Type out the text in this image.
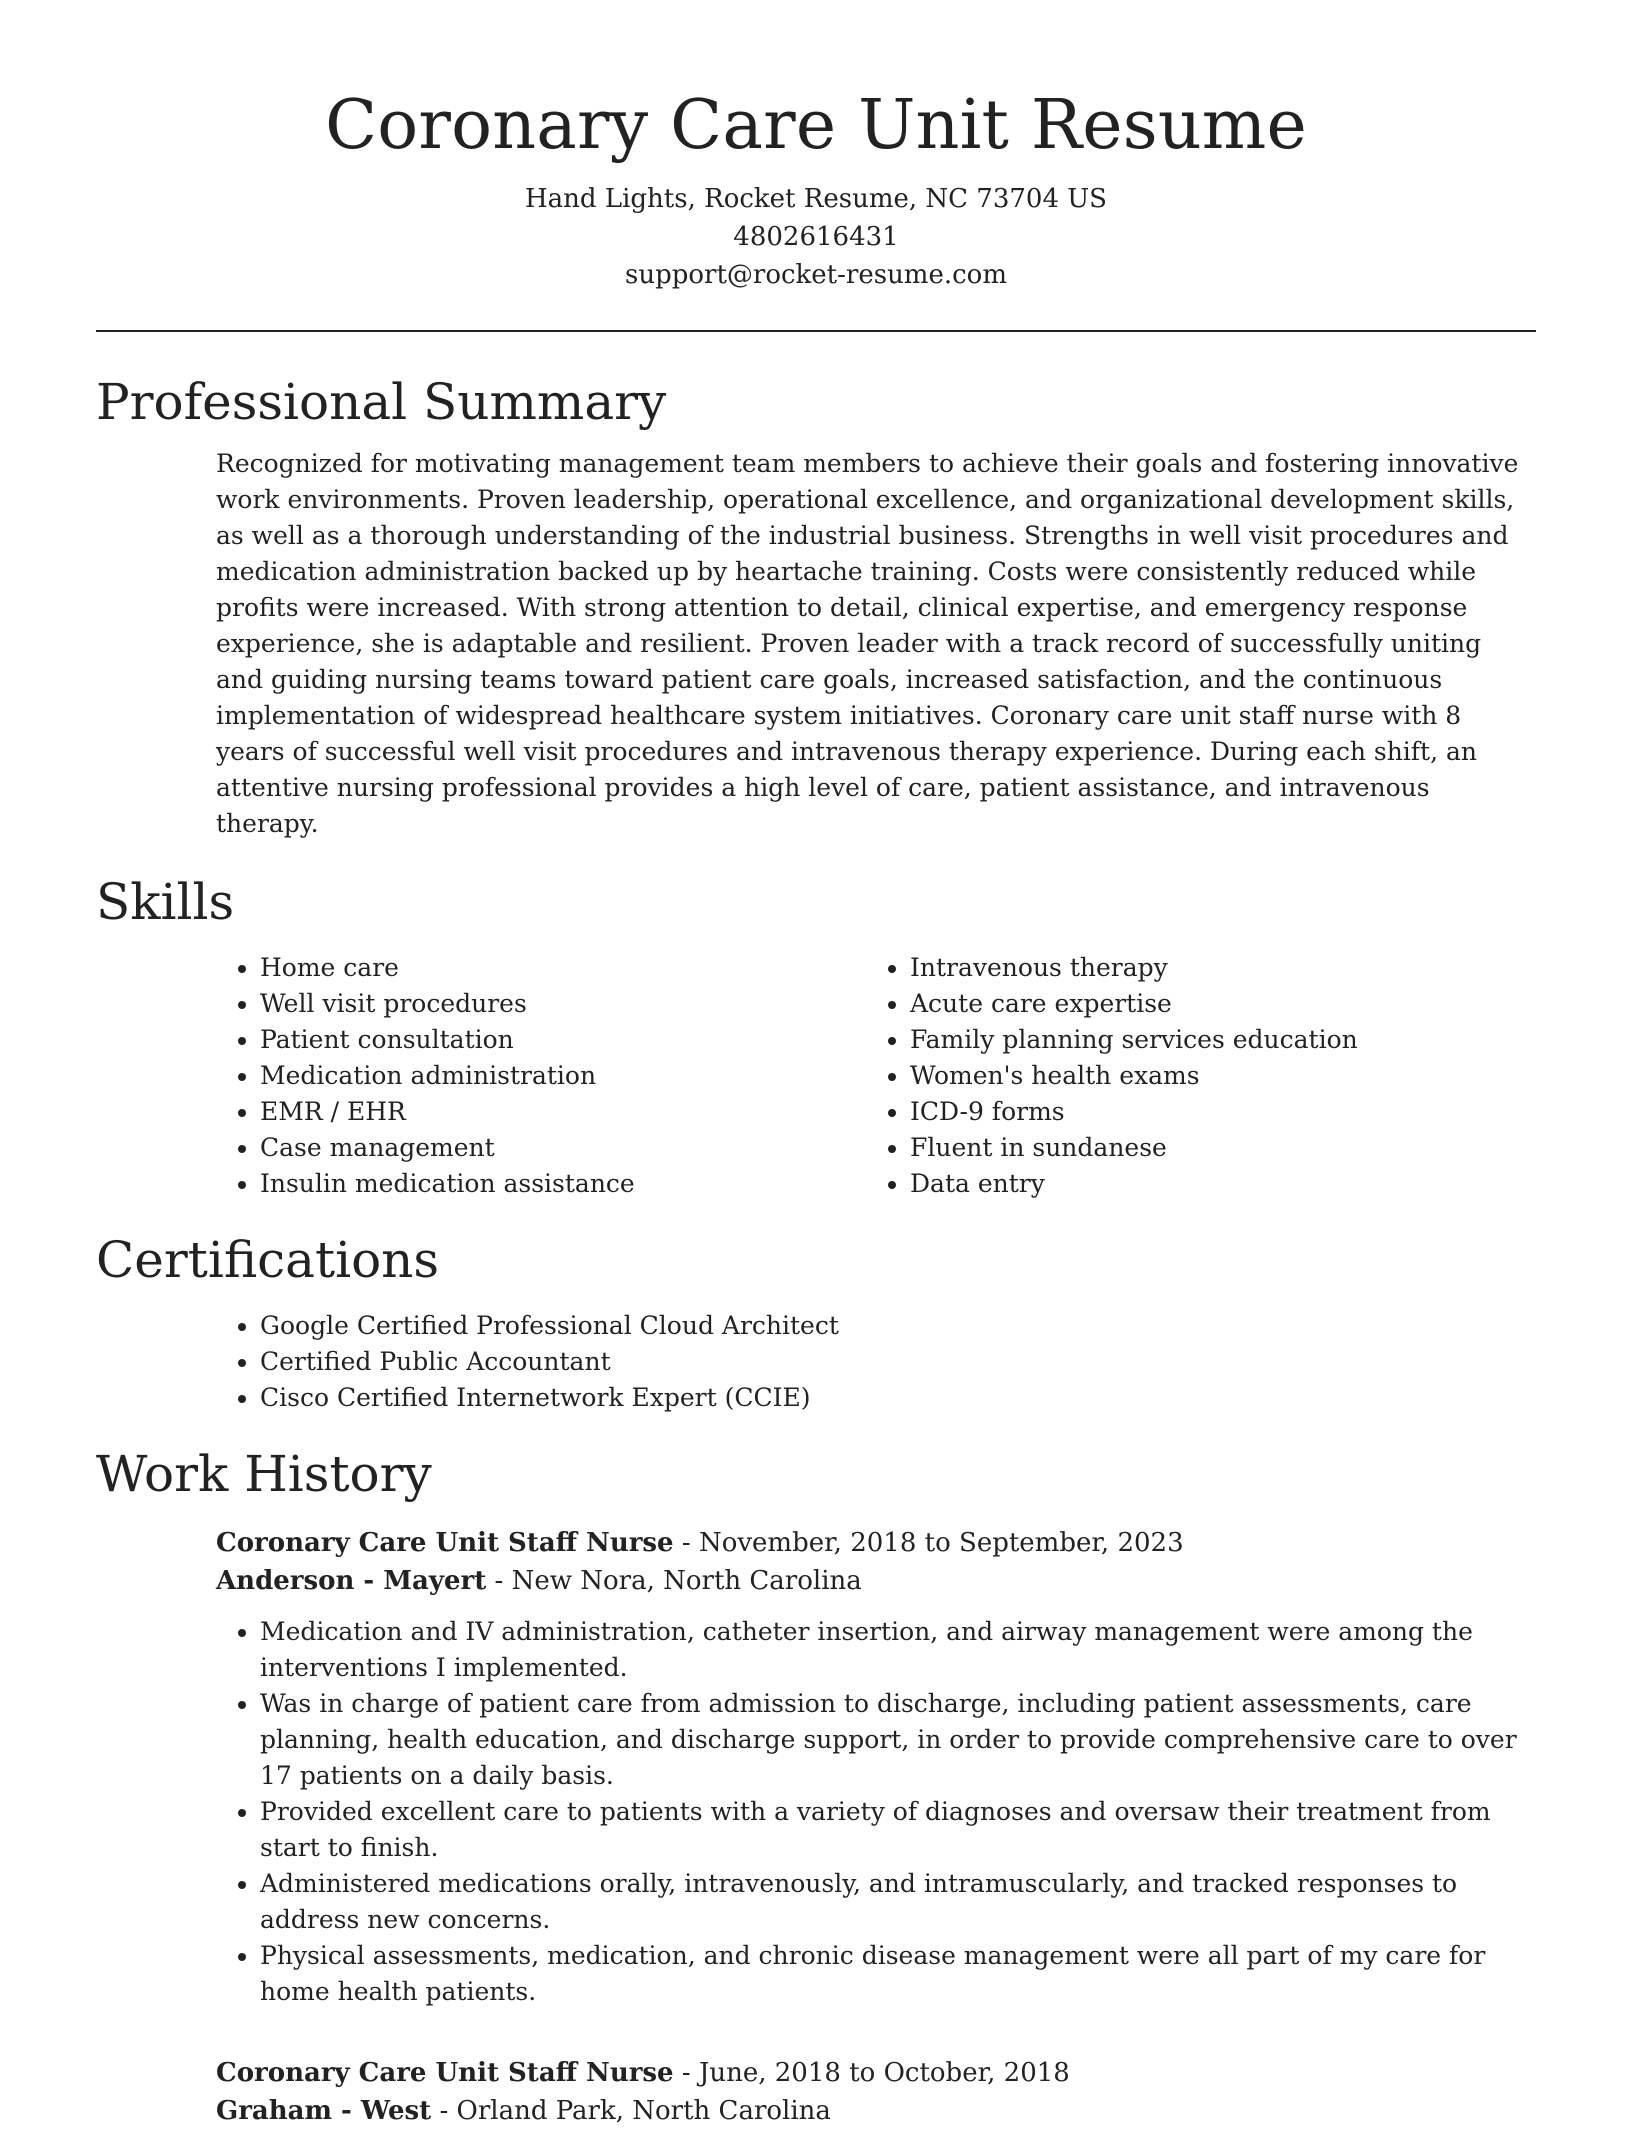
Coronary Care Unit Resume
Hand Lights, Rocket Resume, NC 73704 US
4802616431
support@rocket-resume.com
Professional Summary

Recognized for motivating management team members to achieve their goals and fostering innovative work environments. Proven leadership, operational excellence, and organizational development skills, as well as a thorough understanding of the industrial business. Strengths in well visit procedures and medication administration backed up by heartache training. Costs were consistently reduced while profits were increased. With strong attention to detail, clinical expertise, and emergency response experience, she is adaptable and resilient. Proven leader with a track record of successfully uniting and guiding nursing teams toward patient care goals, increased satisfaction, and the continuous implementation of widespread healthcare system initiatives. Coronary care unit staff nurse with 8 years of successful well visit procedures and intravenous therapy experience. During each shift, an attentive nursing professional provides a high level of care, patient assistance, and intravenous therapy.

Skills
• Home care
• Well visit procedures
• Patient consultation
• Medication administration
• EMR / EHR
• Case management
• Insulin medication assistance
• Intravenous therapy
• Acute care expertise
• Family planning services education
• Women's health exams
• ICD-9 forms
• Fluent in sundanese
• Data entry
Certifications
• Google Certified Professional Cloud Architect
• Certified Public Accountant
• Cisco Certified Internetwork Expert (CCIE)
Work History
Coronary Care Unit Staff Nurse - November, 2018 to September, 2023
Anderson - Mayert - New Nora, North Carolina
• Medication and IV administration, catheter insertion, and airway management were among the interventions I implemented.
• Was in charge of patient care from admission to discharge, including patient assessments, care planning, health education, and discharge support, in order to provide comprehensive care to over 17 patients on a daily basis.
• Provided excellent care to patients with a variety of diagnoses and oversaw their treatment from start to finish.
• Administered medications orally, intravenously, and intramuscularly, and tracked responses to address new concerns.
• Physical assessments, medication, and chronic disease management were all part of my care for home health patients.
Coronary Care Unit Staff Nurse - June, 2018 to October, 2018
Graham - West - Orland Park, North Carolina
